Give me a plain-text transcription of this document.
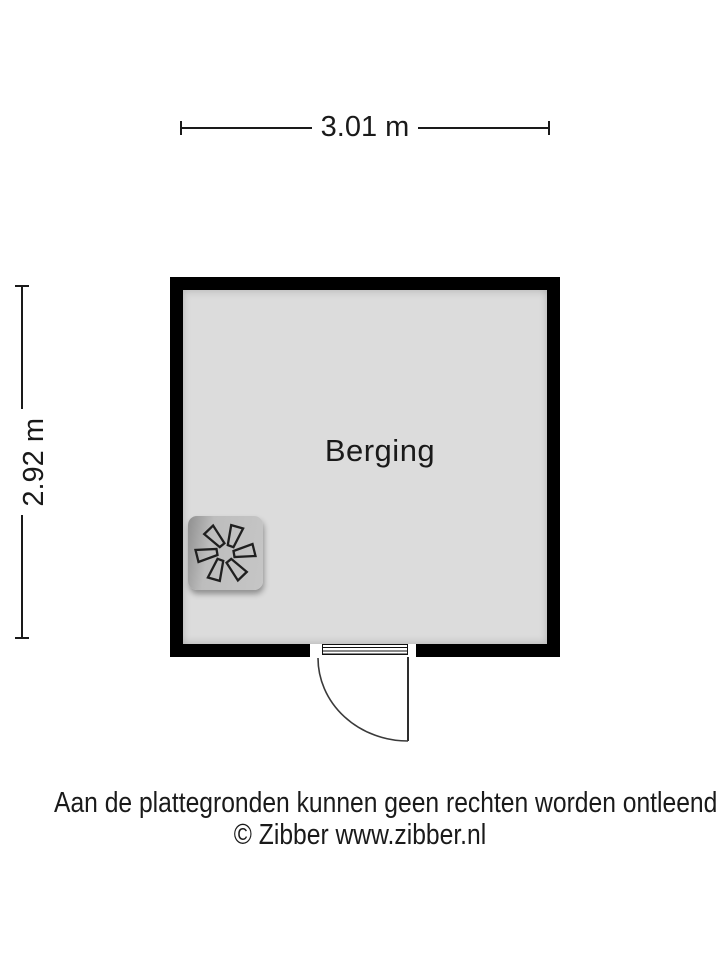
3.01 m
2.92 m	Berging
Aan de plattegronden kunnen geen rechten worden ontleend
© Zibber www.zibber.nl
